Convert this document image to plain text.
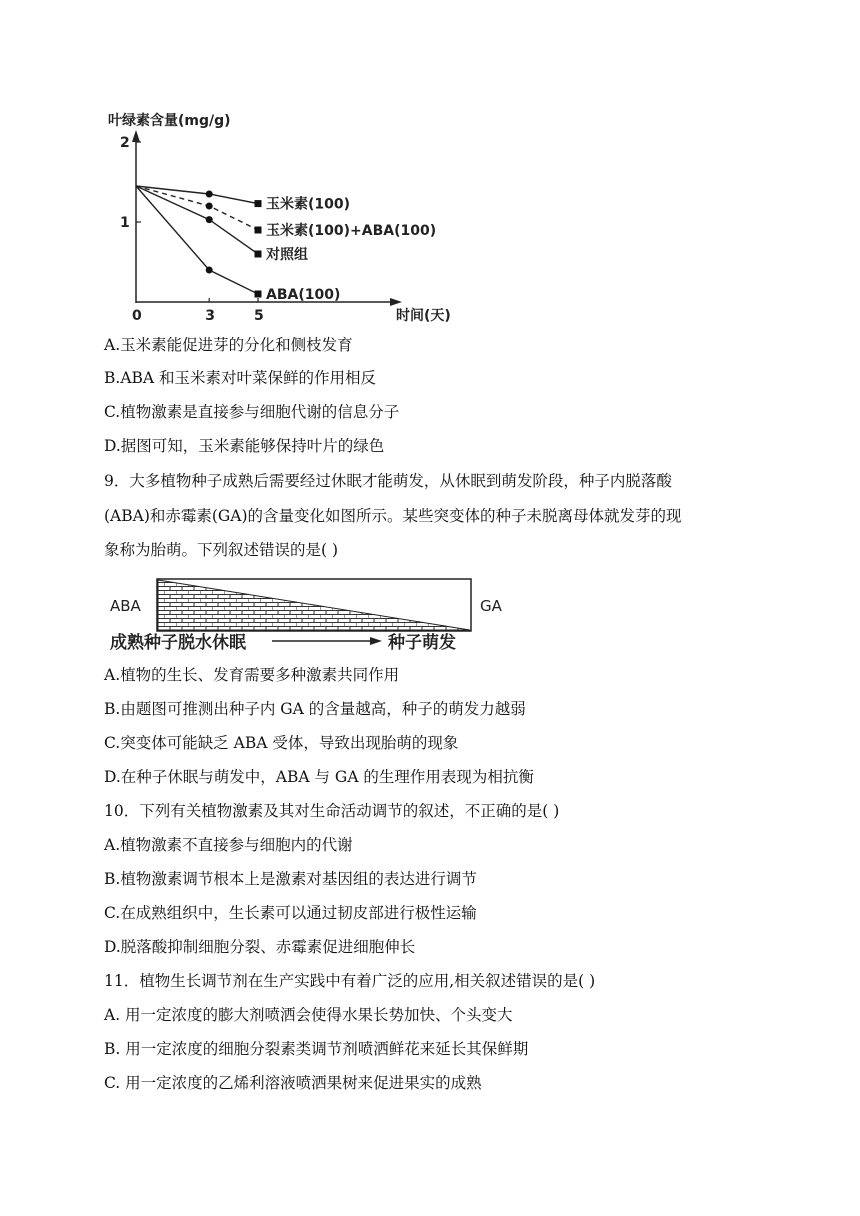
叶绿素含量(mg/g)
时间(天)
0	3	5
1
2
玉米素(100)
玉米素(100)+ABA(100)
对照组
ABA(100)
A.玉米素能促进芽的分化和侧枝发育
B.ABA 和玉米素对叶菜保鲜的作用相反
C.植物激素是直接参与细胞代谢的信息分子
D.据图可知，玉米素能够保持叶片的绿色
9．大多植物种子成熟后需要经过休眠才能萌发，从休眠到萌发阶段，种子内脱落酸
(ABA)和赤霉素(GA)的含量变化如图所示。某些突变体的种子未脱离母体就发芽的现
象称为胎萌。下列叙述错误的是( )
ABA	GA
成熟种子脱水休眠	种子萌发
A.植物的生长、发育需要多种激素共同作用
B.由题图可推测出种子内 GA 的含量越高，种子的萌发力越弱
C.突变体可能缺乏 ABA 受体，导致出现胎萌的现象
D.在种子休眠与萌发中，ABA 与 GA 的生理作用表现为相抗衡
10．下列有关植物激素及其对生命活动调节的叙述，不正确的是( )
A.植物激素不直接参与细胞内的代谢
B.植物激素调节根本上是激素对基因组的表达进行调节
C.在成熟组织中，生长素可以通过韧皮部进行极性运输
D.脱落酸抑制细胞分裂、赤霉素促进细胞伸长
11．植物生长调节剂在生产实践中有着广泛的应用,相关叙述错误的是( )
A. 用一定浓度的膨大剂喷洒会使得水果长势加快、个头变大
B. 用一定浓度的细胞分裂素类调节剂喷洒鲜花来延长其保鲜期
C. 用一定浓度的乙烯利溶液喷洒果树来促进果实的成熟
